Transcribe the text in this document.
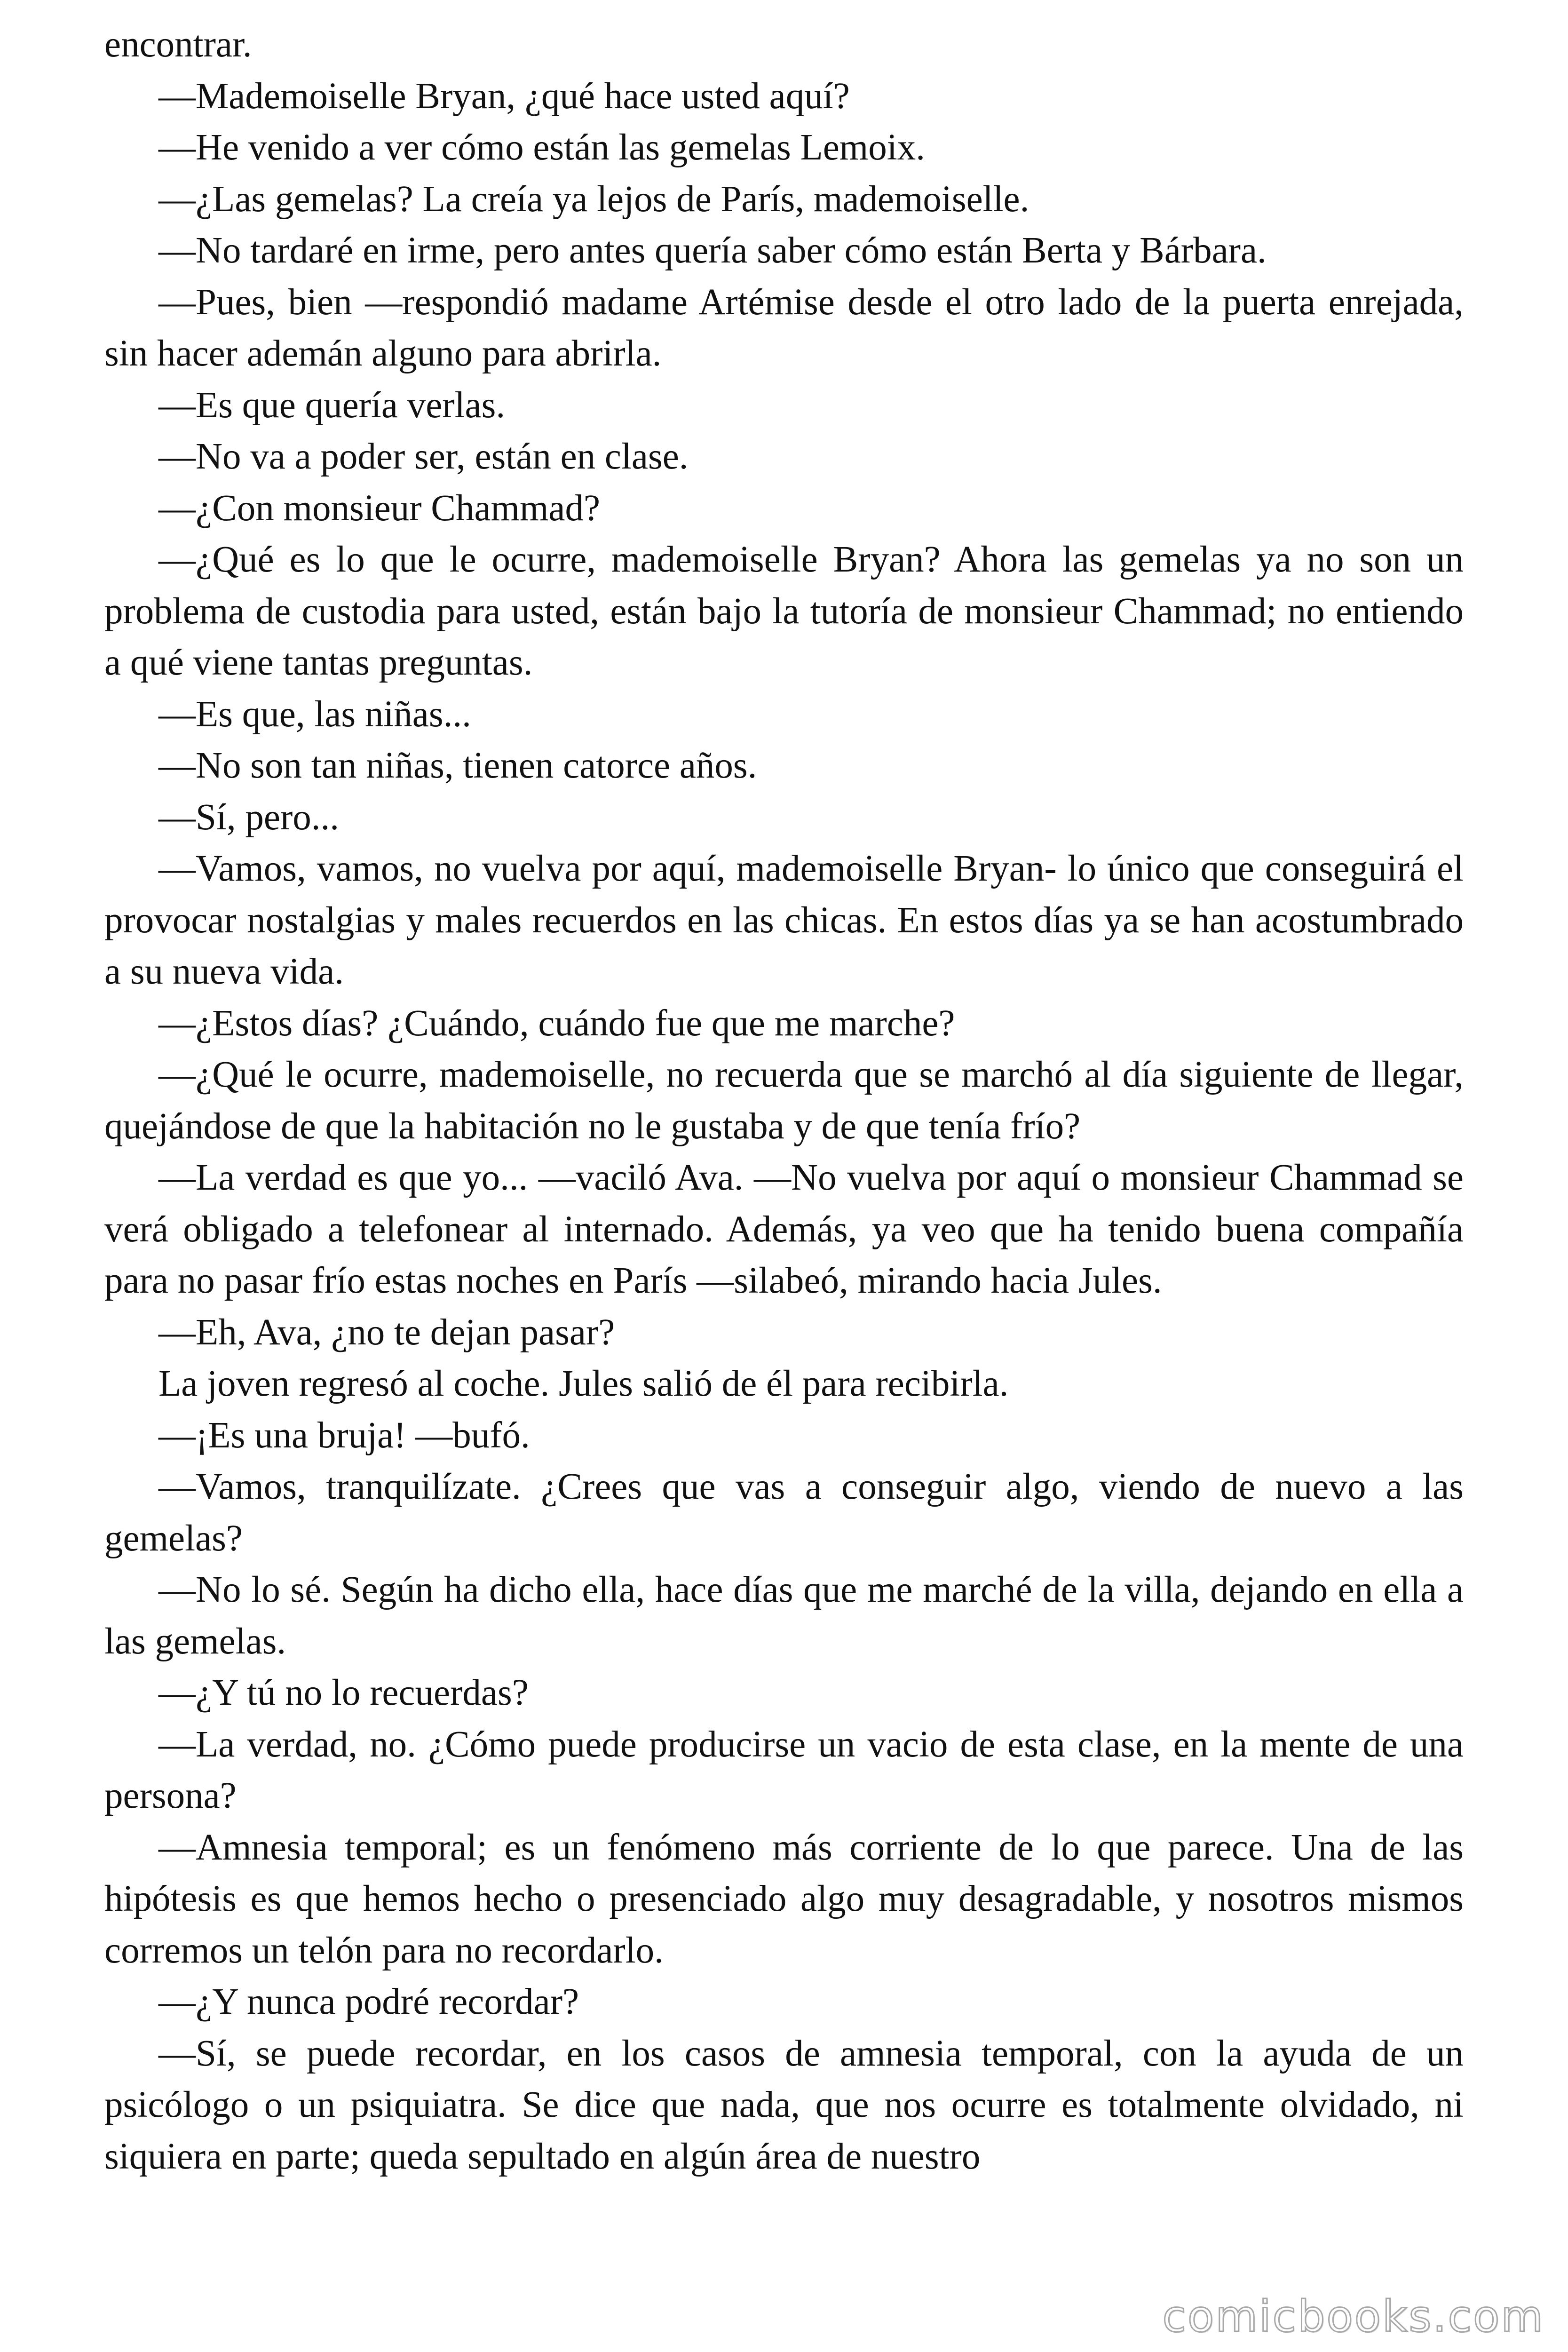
encontrar.

—Mademoiselle Bryan, ¿qué hace usted aquí?

—He venido a ver cómo están las gemelas Lemoix.

—¿Las gemelas? La creía ya lejos de París, mademoiselle.

—No tardaré en irme, pero antes quería saber cómo están Berta y Bárbara.

—Pues, bien —respondió madame Artémise desde el otro lado de la puerta enrejada, sin hacer ademán alguno para abrirla.

—Es que quería verlas.

—No va a poder ser, están en clase.

—¿Con monsieur Chammad?

—¿Qué es lo que le ocurre, mademoiselle Bryan? Ahora las gemelas ya no son un problema de custodia para usted, están bajo la tutoría de monsieur Chammad; no entiendo a qué viene tantas preguntas.

—Es que, las niñas...

—No son tan niñas, tienen catorce años.

—Sí, pero...

—Vamos, vamos, no vuelva por aquí, mademoiselle Bryan- lo único que conseguirá el provocar nostalgias y males recuerdos en las chicas. En estos días ya se han acostumbrado a su nueva vida.

—¿Estos días? ¿Cuándo, cuándo fue que me marche?

—¿Qué le ocurre, mademoiselle, no recuerda que se marchó al día siguiente de llegar, quejándose de que la habitación no le gustaba y de que tenía frío?

—La verdad es que yo... —vaciló Ava. —No vuelva por aquí o monsieur Chammad se verá obligado a telefonear al internado. Además, ya veo que ha tenido buena compañía para no pasar frío estas noches en París —silabeó, mirando hacia Jules.

—Eh, Ava, ¿no te dejan pasar?

La joven regresó al coche. Jules salió de él para recibirla.

—¡Es una bruja! —bufó.

—Vamos, tranquilízate. ¿Crees que vas a conseguir algo, viendo de nuevo a las gemelas?

—No lo sé. Según ha dicho ella, hace días que me marché de la villa, dejando en ella a las gemelas.

—¿Y tú no lo recuerdas?

—La verdad, no. ¿Cómo puede producirse un vacio de esta clase, en la mente de una persona?

—Amnesia temporal; es un fenómeno más corriente de lo que parece. Una de las hipótesis es que hemos hecho o presenciado algo muy desagradable, y nosotros mismos corremos un telón para no recordarlo.

—¿Y nunca podré recordar?

—Sí, se puede recordar, en los casos de amnesia temporal, con la ayuda de un psicólogo o un psiquiatra. Se dice que nada, que nos ocurre es totalmente olvidado, ni siquiera en parte; queda sepultado en algún área de nuestro

comicbooks.com
